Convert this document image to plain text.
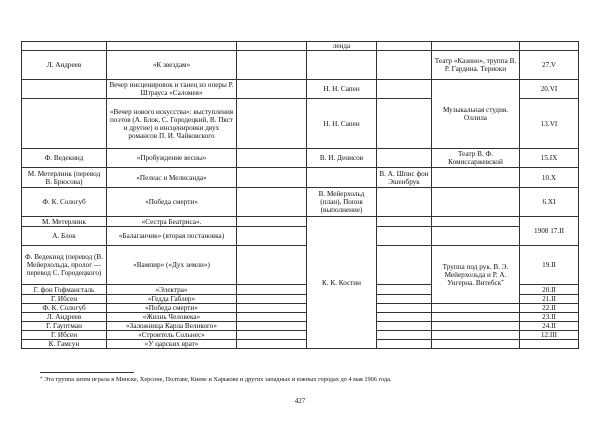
			ленда				
Л. Андреев	«К звездам»				Театр «Казино», труппа В. Р. Гардина. Териоки	27.V	
	Вечер инсценировок и танец из оперы Р. Штрауса «Саломея»		Н. Н. Сапен		Музыкальная студия. Оллила	20.VI	
	«Вечер нового искусства»: выступления поэтов (А. Блок, С. Городецкий, В. Пяст и другие) и инсценировки двух романсов П. И. Чайковского		Н. Н. Сапен			13.VI	
Ф. Ведекинд	«Пробуждение весны»		В. И. Денисов		Театр В. Ф. Комиссаржевской	15.IX	
М. Метерлинк (перевод В. Брюсова)	«Пелеас и Мелисанда»			В. А. Шпис фон Эшенбрук		10.X	
Ф. К. Сологуб	«Победа смерти»		В. Мейерхольд (план), Попов (выполнение)			6.XI	
М. Метерлинк	«Сестра Беатриса».		К. К. Костин			1908 17.II	
А. Блок	«Балаганчик» (вторая постановка)						
Ф. Ведекинд (перевод (В. Мейерхольда, пролог — перевод С. Городецкого)	«Вампир» («Дух земли»)				Труппа под рук. В. Э. Мейерхольда и Р. А. Унгерна. Витебск*	19.II	
Г. фон Гофмансталь	«Электра»					20.II	
Г. Ибсен	«Гедда Габлер»					21.II	
Ф. К. Сологуб	«Победа смерти»					22.II	
Л. Андреев	«Жизнь Человека»					23.II	
Г. Гауптман	«Заложница Карла Великого»					24.II	
Г. Ибсен	«Строитель Сольнес»					12.III	
К. Гамсун	«У царских врат»					
* Эта труппа затем играла в Минске, Херсоне, Полтаве, Киеве и Харькове и других западных и южных городах до 4 мая 1906 года.
427
